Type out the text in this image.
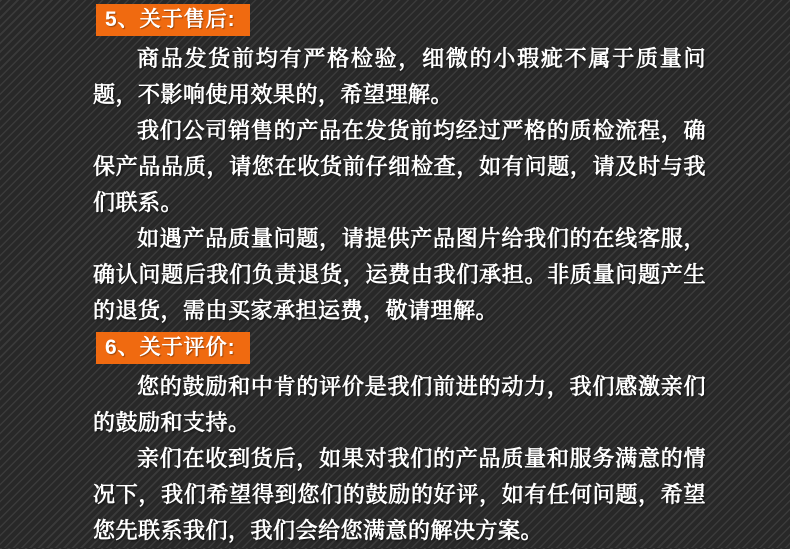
5、关于售后:

商品发货前均有严格检验，细微的小瑕疵不属于质量问题，不影响使用效果的，希望理解。

我们公司销售的产品在发货前均经过严格的质检流程，确保产品品质，请您在收货前仔细检查，如有问题，请及时与我们联系。

如遇产品质量问题，请提供产品图片给我们的在线客服，确认问题后我们负责退货，运费由我们承担。非质量问题产生的退货，需由买家承担运费，敬请理解。

6、关于评价:

您的鼓励和中肯的评价是我们前进的动力，我们感激亲们的鼓励和支持。

亲们在收到货后，如果对我们的产品质量和服务满意的情况下，我们希望得到您们的鼓励的好评，如有任何问题，希望您先联系我们，我们会给您满意的解决方案。
